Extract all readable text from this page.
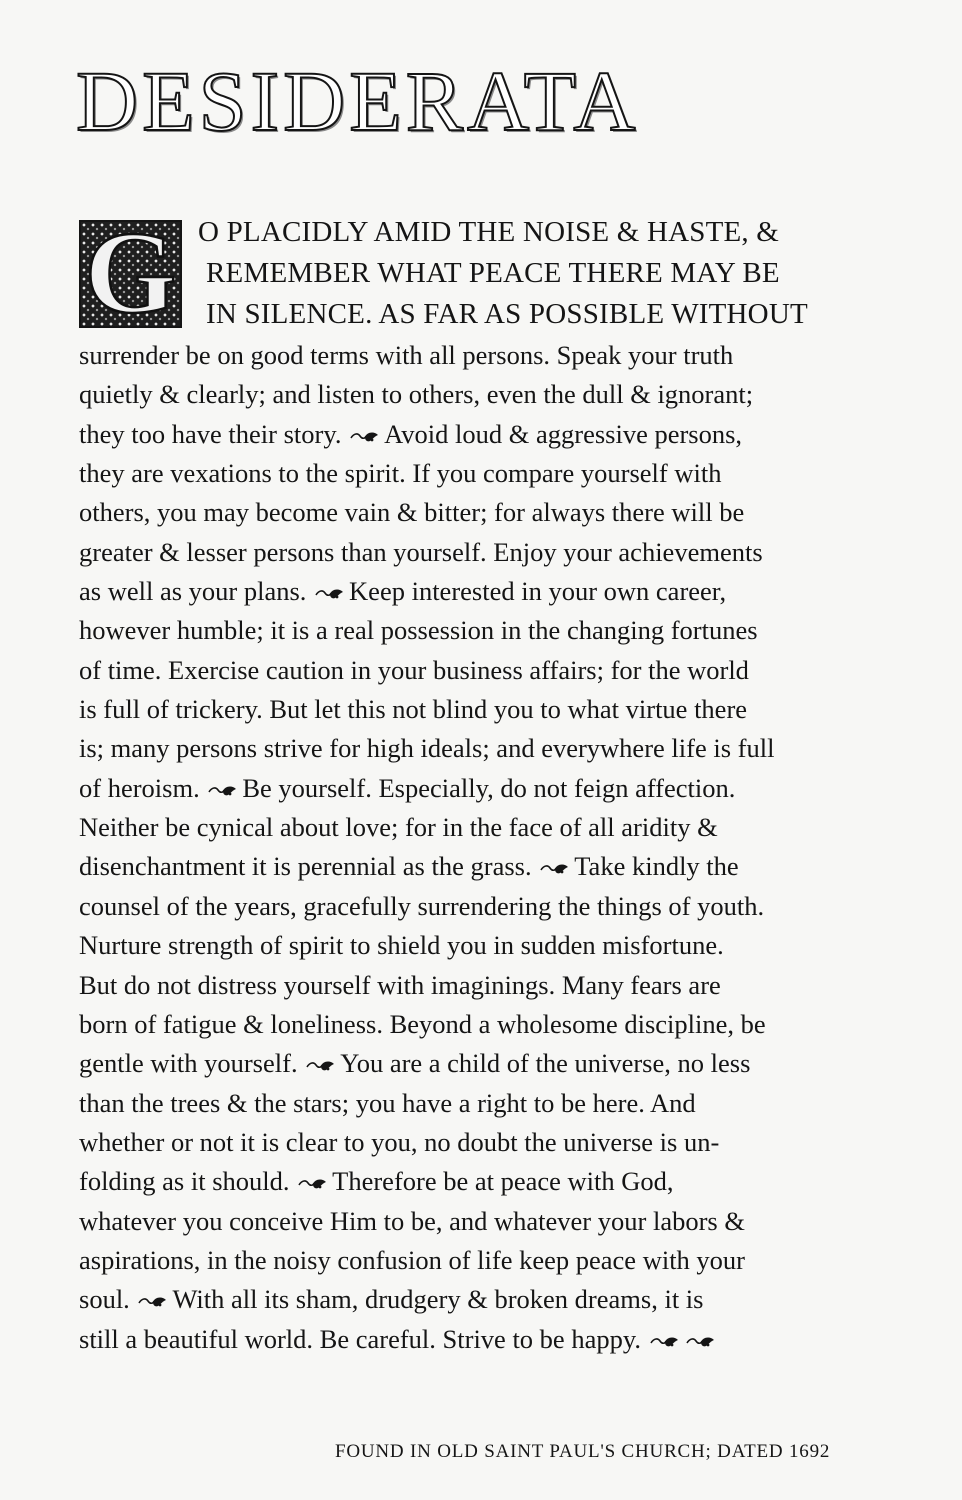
DESIDERATA
G O PLACIDLY AMID THE NOISE & HASTE, &
REMEMBER WHAT PEACE THERE MAY BE
IN SILENCE. AS FAR AS POSSIBLE WITHOUT
surrender be on good terms with all persons. Speak your truth
quietly & clearly; and listen to others, even the dull & ignorant;
they too have their story.
Avoid loud & aggressive persons,
they are vexations to the spirit. If you compare yourself with
others, you may become vain & bitter; for always there will be
greater & lesser persons than yourself. Enjoy your achievements
as well as your plans.
Keep interested in your own career,
however humble; it is a real possession in the changing fortunes
of time. Exercise caution in your business affairs; for the world
is full of trickery. But let this not blind you to what virtue there
is; many persons strive for high ideals; and everywhere life is full
of heroism.
Be yourself. Especially, do not feign affection.
Neither be cynical about love; for in the face of all aridity &
disenchantment it is perennial as the grass.
Take kindly the
counsel of the years, gracefully surrendering the things of youth.
Nurture strength of spirit to shield you in sudden misfortune.
But do not distress yourself with imaginings. Many fears are
born of fatigue & loneliness. Beyond a wholesome discipline, be
gentle with yourself.
You are a child of the universe, no less
than the trees & the stars; you have a right to be here. And
whether or not it is clear to you, no doubt the universe is un-
folding as it should.
Therefore be at peace with God,
whatever you conceive Him to be, and whatever your labors &
aspirations, in the noisy confusion of life keep peace with your
soul.
With all its sham, drudgery & broken dreams, it is
still a beautiful world. Be careful. Strive to be happy.
FOUND IN OLD SAINT PAUL'S CHURCH; DATED 1692
